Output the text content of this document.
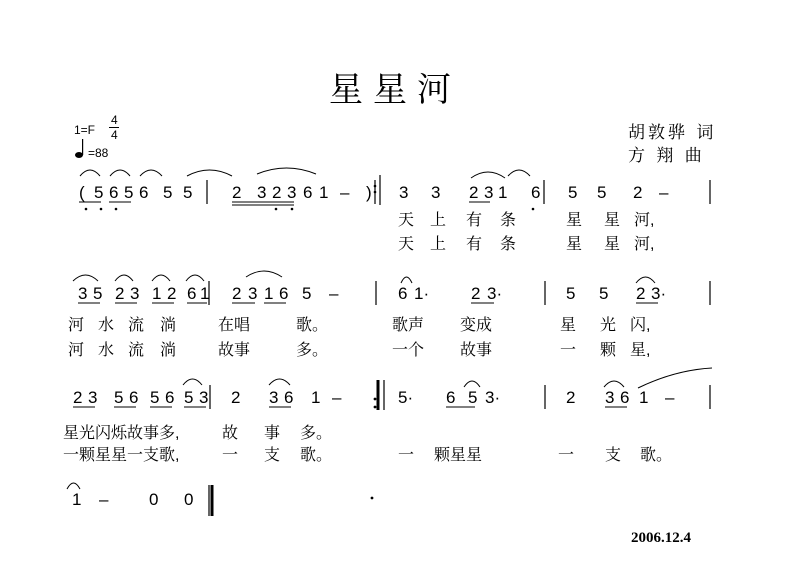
星星河
1=F
4
4
=88
胡敦骅 词
方 翔 曲
2006.12.4
( 5 6 5 6 5 5 2 3 2 3 6 1 – ) 3 3 2 3 1 6 5 5 2 –
3 5 2 3 1 2 6 1 2 3 1 6 5 –	6 1· 2 3·	5 5 2 3·
2 3 5 6 5 6 5 3 2 3 6 1 –	5· 6 5 3·	2 3 6 1 –
1 – 0 0
天 上 有 条	星 星 河,
天 上 有 条	星 星 河,
河 水 流 淌	在唱	歌。	歌声 变成	星 光 闪,
河 水 流 淌	故事	多。	一个 故事	一 颗 星,
星光闪烁故事多,	故 事 多。
一颗星星一支歌,	一 支 歌。	一 颗星星	一 支 歌。
